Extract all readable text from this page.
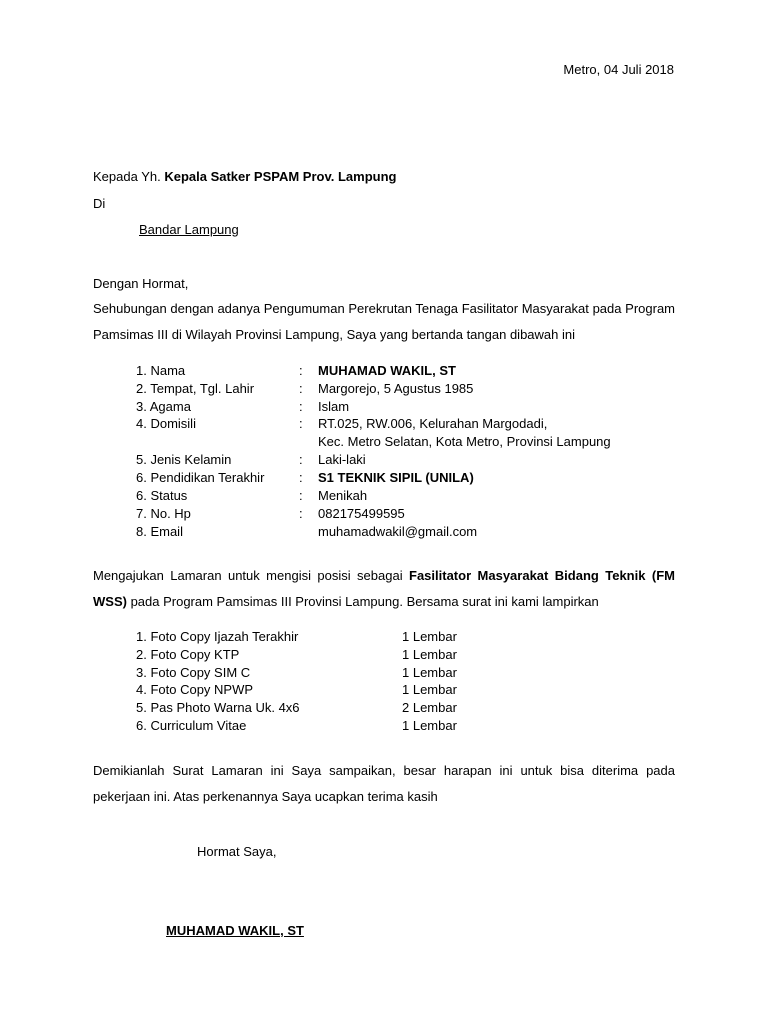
Metro, 04 Juli 2018
Kepada Yh. Kepala Satker PSPAM Prov. Lampung
Di
Bandar Lampung
Dengan Hormat,
Sehubungan dengan adanya Pengumuman Perekrutan Tenaga Fasilitator Masyarakat pada Program Pamsimas III di Wilayah Provinsi Lampung, Saya yang bertanda tangan dibawah ini
1. Nama	: MUHAMAD WAKIL, ST
2. Tempat, Tgl. Lahir	: Margorejo, 5 Agustus 1985
3. Agama	: Islam
4. Domisili	: RT.025, RW.006, Kelurahan Margodadi,
Kec. Metro Selatan, Kota Metro, Provinsi Lampung
5. Jenis Kelamin	: Laki-laki
6. Pendidikan Terakhir	: S1 TEKNIK SIPIL (UNILA)
6. Status	: Menikah
7. No. Hp	: 082175499595
8. Email	muhamadwakil@gmail.com
Mengajukan Lamaran untuk mengisi posisi sebagai Fasilitator Masyarakat Bidang Teknik (FM WSS) pada Program Pamsimas III Provinsi Lampung. Bersama surat ini kami lampirkan
1. Foto Copy Ijazah Terakhir	1 Lembar
2. Foto Copy KTP	1 Lembar
3. Foto Copy SIM C	1 Lembar
4. Foto Copy NPWP	1 Lembar
5. Pas Photo Warna Uk. 4x6	2 Lembar
6. Curriculum Vitae	1 Lembar
Demikianlah Surat Lamaran ini Saya sampaikan, besar harapan ini untuk bisa diterima pada pekerjaan ini. Atas perkenannya Saya ucapkan terima kasih
Hormat Saya,
MUHAMAD WAKIL, ST
